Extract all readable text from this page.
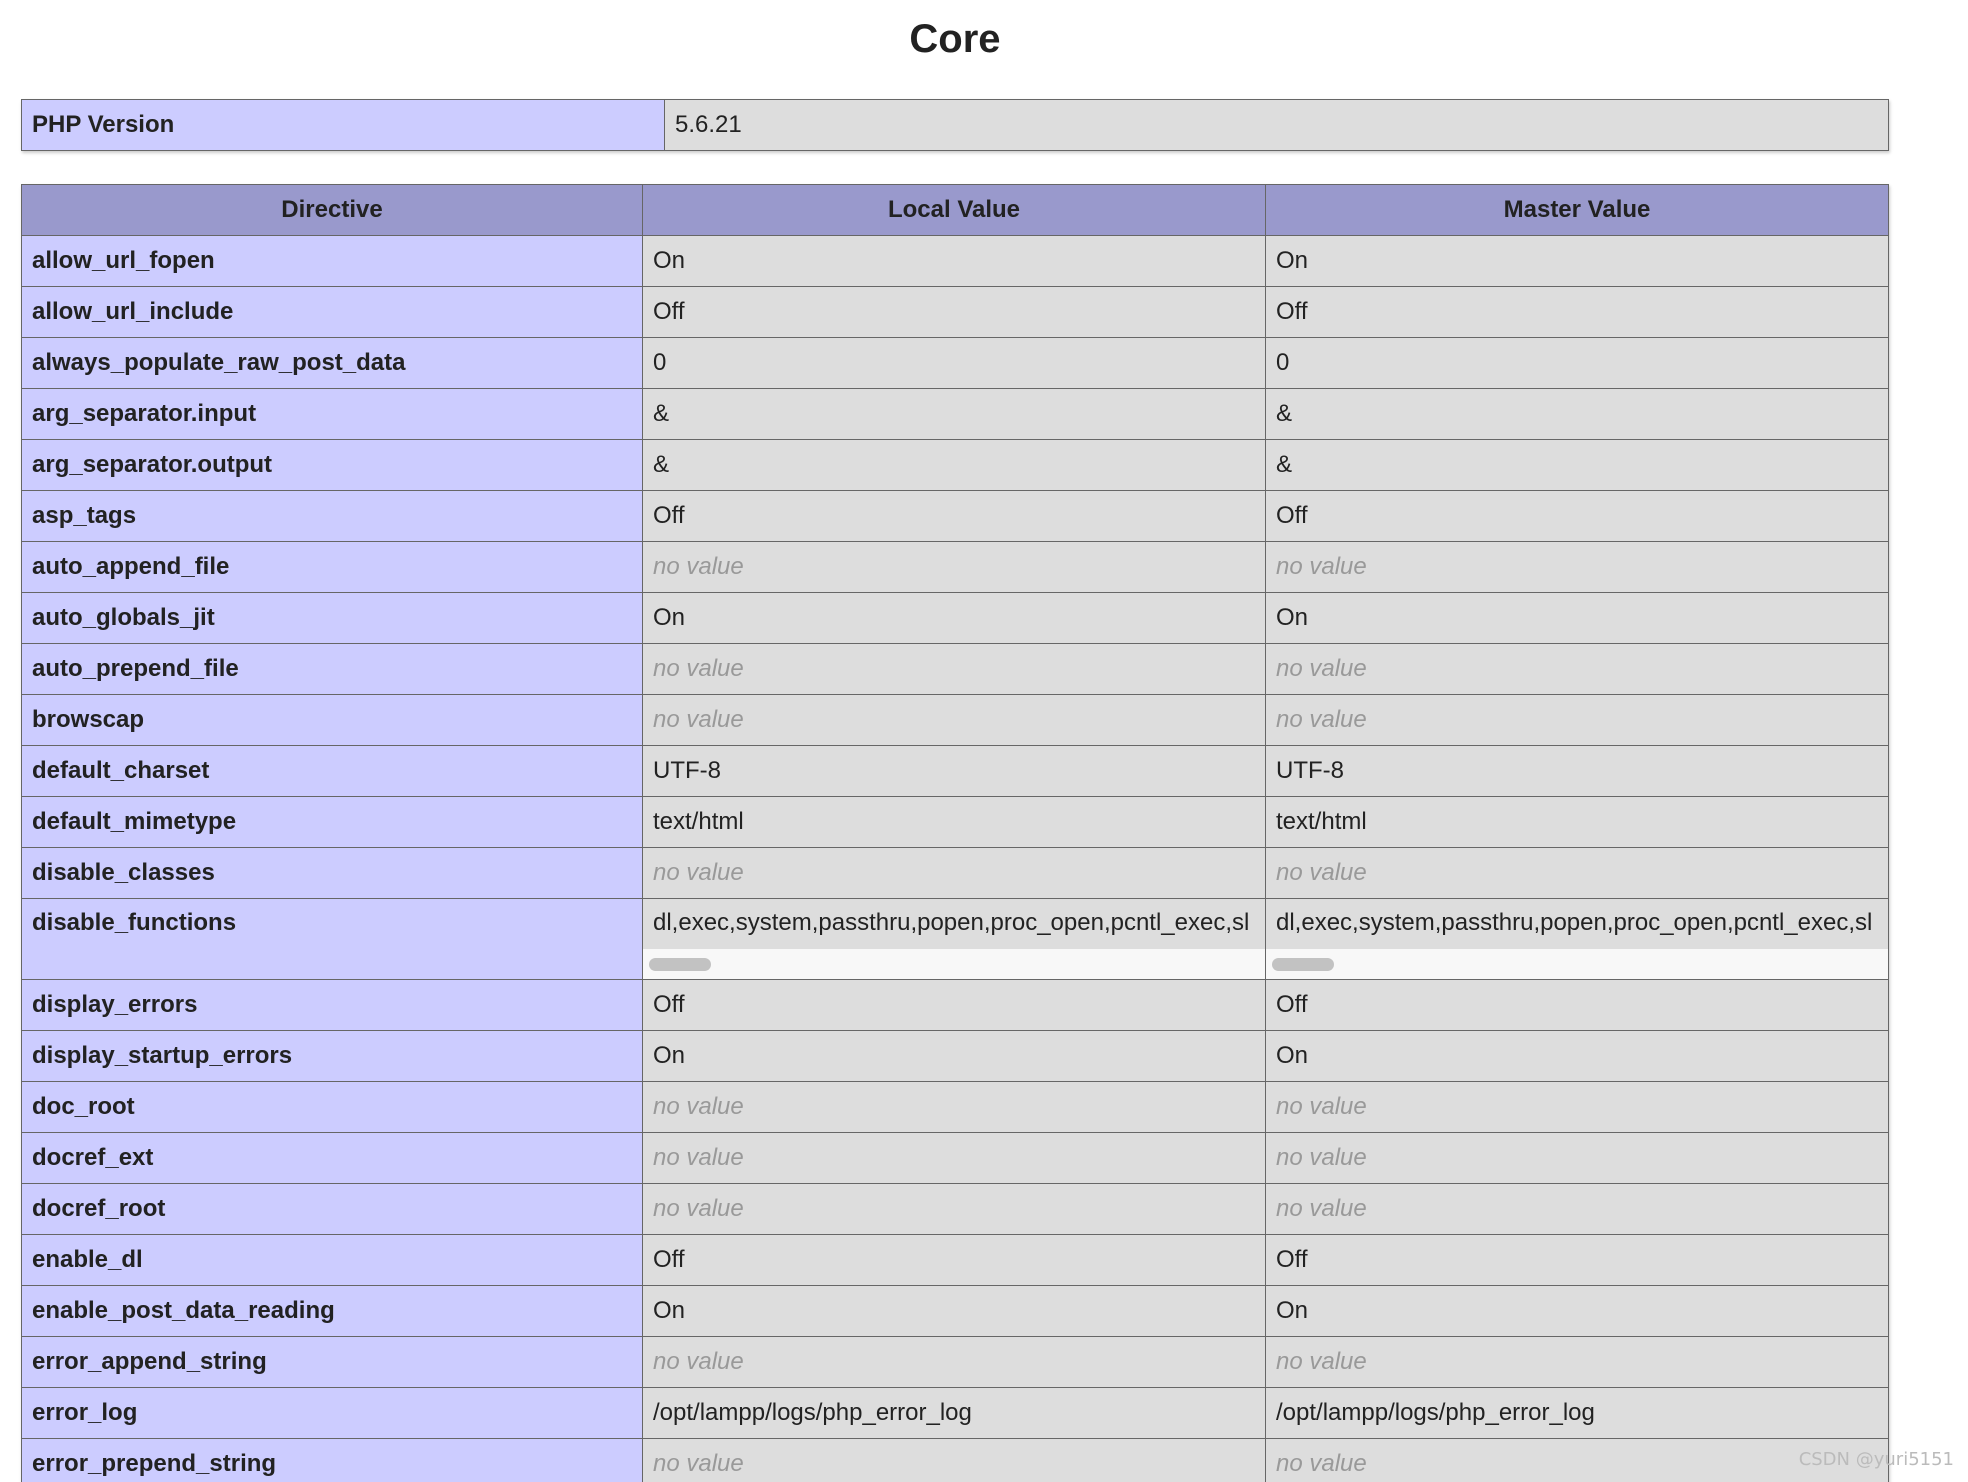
Core
PHP Version	5.6.21
Directive	Local Value	Master Value
allow_url_fopen	On	On
allow_url_include	Off	Off
always_populate_raw_post_data	0	0
arg_separator.input	&	&
arg_separator.output	&	&
asp_tags	Off	Off
auto_append_file	no value	no value
auto_globals_jit	On	On
auto_prepend_file	no value	no value
browscap	no value	no value
default_charset	UTF-8	UTF-8
default_mimetype	text/html	text/html
disable_classes	no value	no value
disable_functions	dl,exec,system,passthru,popen,proc_open,pcntl_exec,sl	dl,exec,system,passthru,popen,proc_open,pcntl_exec,sl

display_errors	Off	Off
display_startup_errors	On	On
doc_root	no value	no value
docref_ext	no value	no value
docref_root	no value	no value
enable_dl	Off	Off
enable_post_data_reading	On	On
error_append_string	no value	no value
error_log	/opt/lampp/logs/php_error_log	/opt/lampp/logs/php_error_log
error_prepend_string	no value	no value	CSDN @yuri5151
